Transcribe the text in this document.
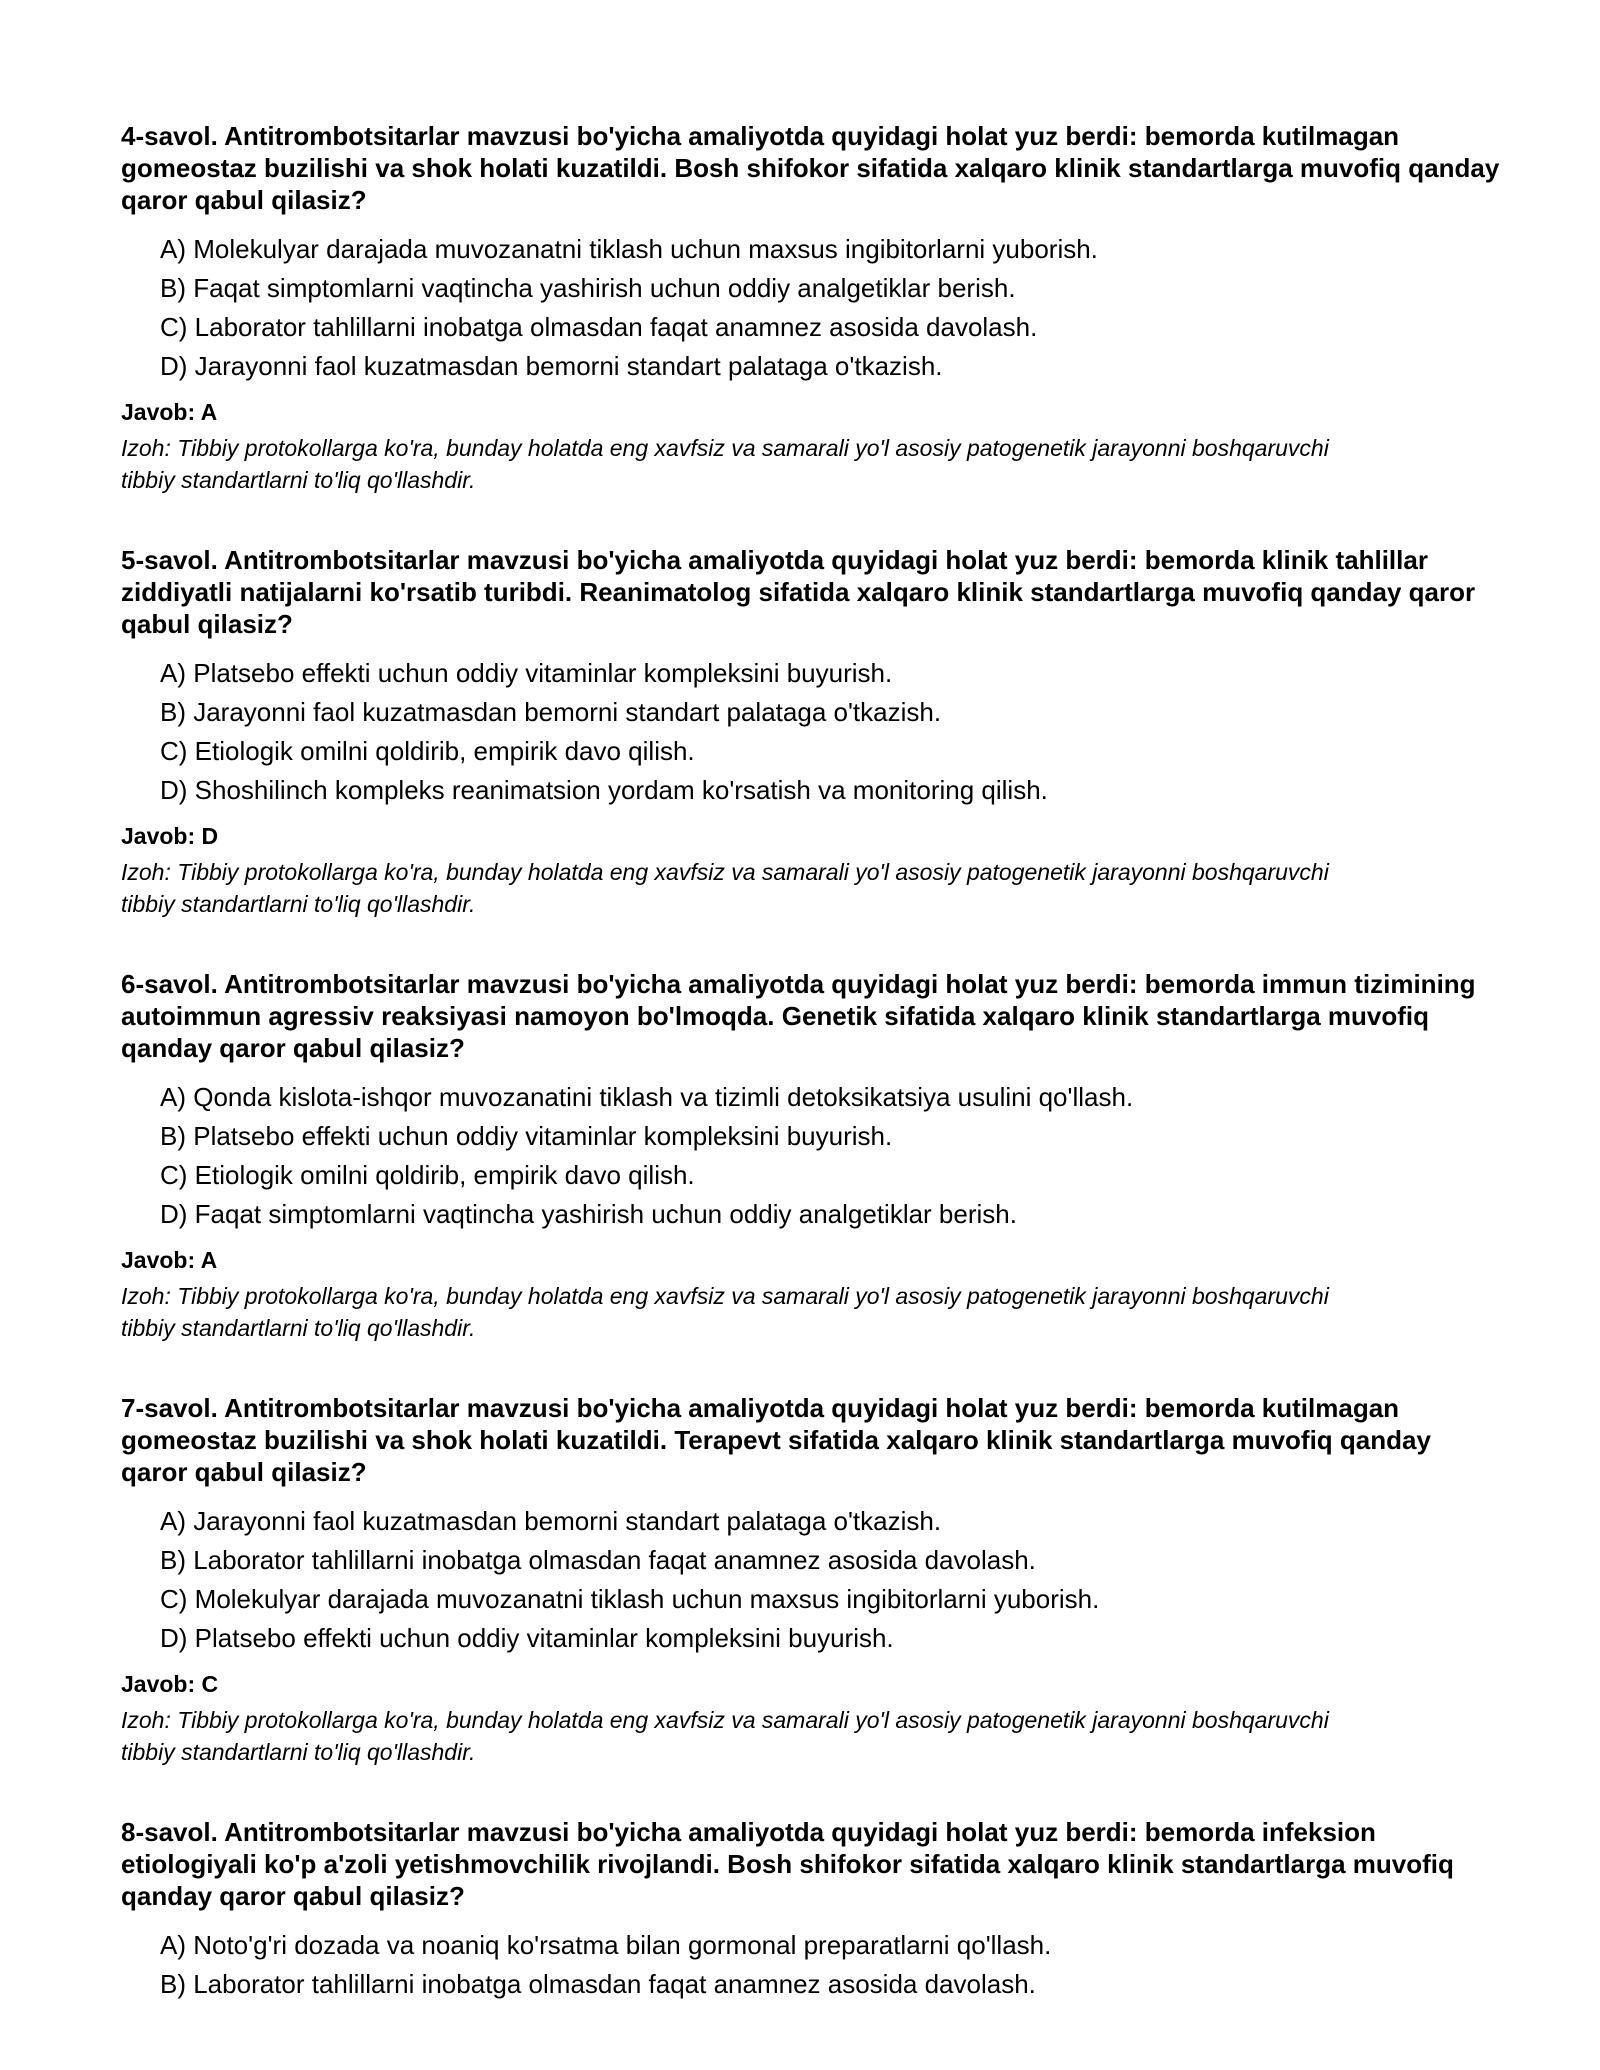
4-savol. Antitrombotsitarlar mavzusi bo'yicha amaliyotda quyidagi holat yuz berdi: bemorda kutilmagan gomeostaz buzilishi va shok holati kuzatildi. Bosh shifokor sifatida xalqaro klinik standartlarga muvofiq qanday qaror qabul qilasiz?

A) Molekulyar darajada muvozanatni tiklash uchun maxsus ingibitorlarni yuborish.
B) Faqat simptomlarni vaqtincha yashirish uchun oddiy analgetiklar berish.
C) Laborator tahlillarni inobatga olmasdan faqat anamnez asosida davolash.
D) Jarayonni faol kuzatmasdan bemorni standart palataga o'tkazish.

Javob: A

Izoh: Tibbiy protokollarga ko'ra, bunday holatda eng xavfsiz va samarali yo'l asosiy patogenetik jarayonni boshqaruvchi tibbiy standartlarni to'liq qo'llashdir.

5-savol. Antitrombotsitarlar mavzusi bo'yicha amaliyotda quyidagi holat yuz berdi: bemorda klinik tahlillar ziddiyatli natijalarni ko'rsatib turibdi. Reanimatolog sifatida xalqaro klinik standartlarga muvofiq qanday qaror qabul qilasiz?

A) Platsebo effekti uchun oddiy vitaminlar kompleksini buyurish.
B) Jarayonni faol kuzatmasdan bemorni standart palataga o'tkazish.
C) Etiologik omilni qoldirib, empirik davo qilish.
D) Shoshilinch kompleks reanimatsion yordam ko'rsatish va monitoring qilish.

Javob: D

Izoh: Tibbiy protokollarga ko'ra, bunday holatda eng xavfsiz va samarali yo'l asosiy patogenetik jarayonni boshqaruvchi tibbiy standartlarni to'liq qo'llashdir.

6-savol. Antitrombotsitarlar mavzusi bo'yicha amaliyotda quyidagi holat yuz berdi: bemorda immun tizimining autoimmun agressiv reaksiyasi namoyon bo'lmoqda. Genetik sifatida xalqaro klinik standartlarga muvofiq qanday qaror qabul qilasiz?

A) Qonda kislota-ishqor muvozanatini tiklash va tizimli detoksikatsiya usulini qo'llash.
B) Platsebo effekti uchun oddiy vitaminlar kompleksini buyurish.
C) Etiologik omilni qoldirib, empirik davo qilish.
D) Faqat simptomlarni vaqtincha yashirish uchun oddiy analgetiklar berish.

Javob: A

Izoh: Tibbiy protokollarga ko'ra, bunday holatda eng xavfsiz va samarali yo'l asosiy patogenetik jarayonni boshqaruvchi tibbiy standartlarni to'liq qo'llashdir.

7-savol. Antitrombotsitarlar mavzusi bo'yicha amaliyotda quyidagi holat yuz berdi: bemorda kutilmagan gomeostaz buzilishi va shok holati kuzatildi. Terapevt sifatida xalqaro klinik standartlarga muvofiq qanday qaror qabul qilasiz?

A) Jarayonni faol kuzatmasdan bemorni standart palataga o'tkazish.
B) Laborator tahlillarni inobatga olmasdan faqat anamnez asosida davolash.
C) Molekulyar darajada muvozanatni tiklash uchun maxsus ingibitorlarni yuborish.
D) Platsebo effekti uchun oddiy vitaminlar kompleksini buyurish.

Javob: C

Izoh: Tibbiy protokollarga ko'ra, bunday holatda eng xavfsiz va samarali yo'l asosiy patogenetik jarayonni boshqaruvchi tibbiy standartlarni to'liq qo'llashdir.

8-savol. Antitrombotsitarlar mavzusi bo'yicha amaliyotda quyidagi holat yuz berdi: bemorda infeksion etiologiyali ko'p a'zoli yetishmovchilik rivojlandi. Bosh shifokor sifatida xalqaro klinik standartlarga muvofiq qanday qaror qabul qilasiz?

A) Noto'g'ri dozada va noaniq ko'rsatma bilan gormonal preparatlarni qo'llash.
B) Laborator tahlillarni inobatga olmasdan faqat anamnez asosida davolash.
